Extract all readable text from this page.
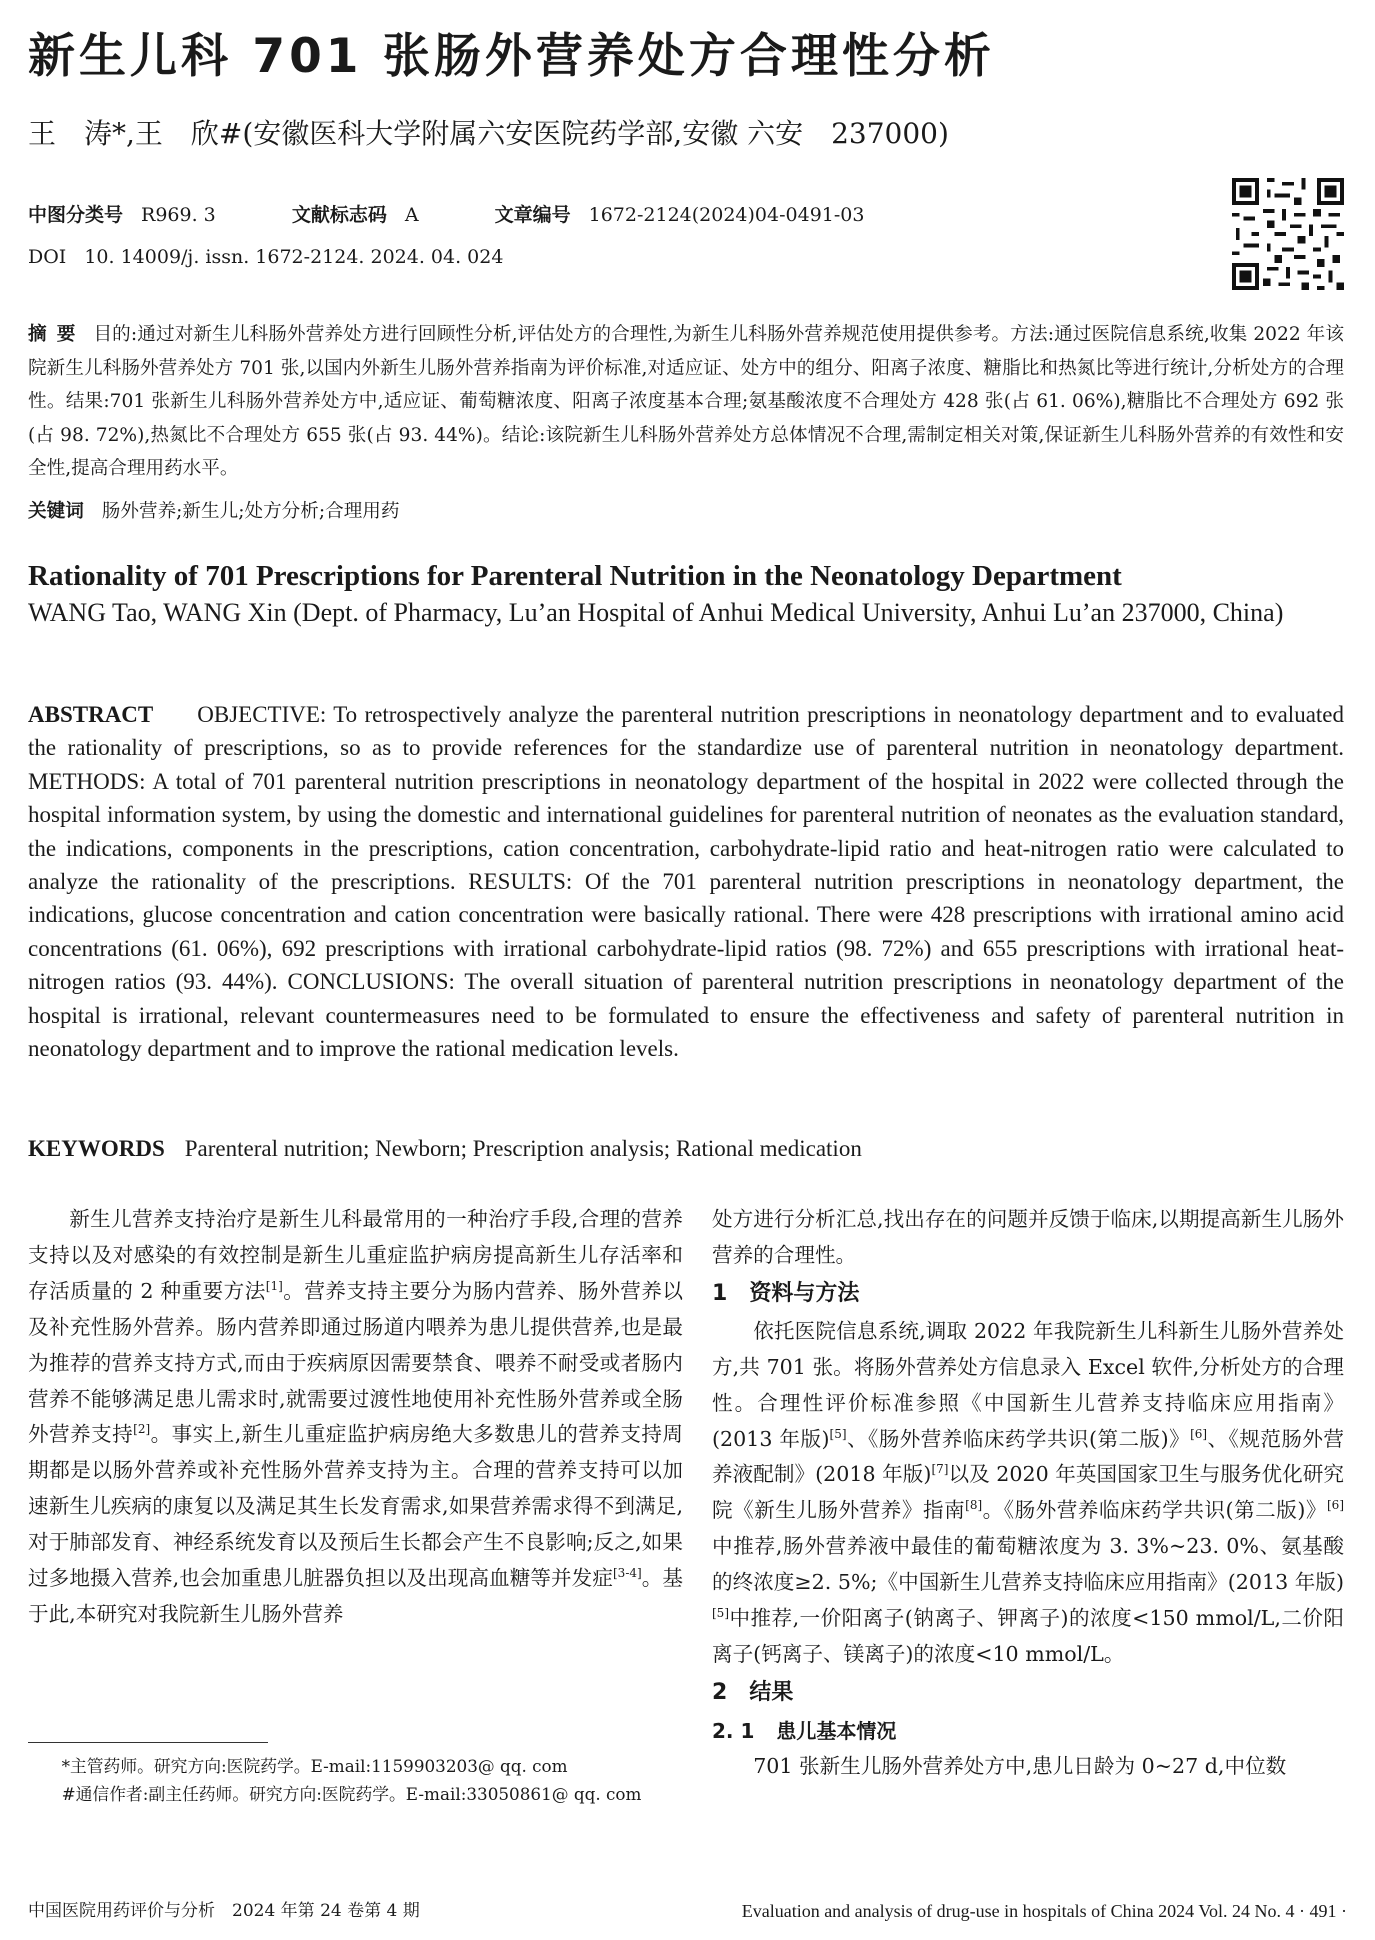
新生儿科 701 张肠外营养处方合理性分析
王　涛*,王　欣#(安徽医科大学附属六安医院药学部,安徽 六安　237000)
中图分类号 R969. 3	文献标志码 A	文章编号 1672-2124(2024)04-0491-03
DOI 10. 14009/j. issn. 1672-2124. 2024. 04. 024
摘要 目的:通过对新生儿科肠外营养处方进行回顾性分析,评估处方的合理性,为新生儿科肠外营养规范使用提供参考。方法:通过医院信息系统,收集 2022 年该院新生儿科肠外营养处方 701 张,以国内外新生儿肠外营养指南为评价标准,对适应证、处方中的组分、阳离子浓度、糖脂比和热氮比等进行统计,分析处方的合理性。结果:701 张新生儿科肠外营养处方中,适应证、葡萄糖浓度、阳离子浓度基本合理;氨基酸浓度不合理处方 428 张(占 61. 06%),糖脂比不合理处方 692 张(占 98. 72%),热氮比不合理处方 655 张(占 93. 44%)。结论:该院新生儿科肠外营养处方总体情况不合理,需制定相关对策,保证新生儿科肠外营养的有效性和安全性,提高合理用药水平。
关键词 肠外营养;新生儿;处方分析;合理用药
Rationality of 701 Prescriptions for Parenteral Nutrition in the Neonatology Department
WANG Tao, WANG Xin (Dept. of Pharmacy, Lu’an Hospital of Anhui Medical University, Anhui Lu’an 237000, China)
ABSTRACT OBJECTIVE: To retrospectively analyze the parenteral nutrition prescriptions in neonatology department and to evaluated the rationality of prescriptions, so as to provide references for the standardize use of parenteral nutrition in neonatology department. METHODS: A total of 701 parenteral nutrition prescriptions in neonatology department of the hospital in 2022 were collected through the hospital information system, by using the domestic and international guidelines for parenteral nutrition of neonates as the evaluation standard, the indications, components in the prescriptions, cation concentration, carbohydrate-lipid ratio and heat-nitrogen ratio were calculated to analyze the rationality of the prescriptions. RESULTS: Of the 701 parenteral nutrition prescriptions in neonatology department, the indications, glucose concentration and cation concentration were basically rational. There were 428 prescriptions with irrational amino acid concentrations (61. 06%), 692 prescriptions with irrational carbohydrate-lipid ratios (98. 72%) and 655 prescriptions with irrational heat-nitrogen ratios (93. 44%). CONCLUSIONS: The overall situation of parenteral nutrition prescriptions in neonatology department of the hospital is irrational, relevant countermeasures need to be formulated to ensure the effectiveness and safety of parenteral nutrition in neonatology department and to improve the rational medication levels.
KEYWORDS Parenteral nutrition; Newborn; Prescription analysis; Rational medication

新生儿营养支持治疗是新生儿科最常用的一种治疗手段,合理的营养支持以及对感染的有效控制是新生儿重症监护病房提高新生儿存活率和存活质量的 2 种重要方法[1]。营养支持主要分为肠内营养、肠外营养以及补充性肠外营养。肠内营养即通过肠道内喂养为患儿提供营养,也是最为推荐的营养支持方式,而由于疾病原因需要禁食、喂养不耐受或者肠内营养不能够满足患儿需求时,就需要过渡性地使用补充性肠外营养或全肠外营养支持[2]。事实上,新生儿重症监护病房绝大多数患儿的营养支持周期都是以肠外营养或补充性肠外营养支持为主。合理的营养支持可以加速新生儿疾病的康复以及满足其生长发育需求,如果营养需求得不到满足,对于肺部发育、神经系统发育以及预后生长都会产生不良影响;反之,如果过多地摄入营养,也会加重患儿脏器负担以及出现高血糖等并发症[3-4]。基于此,本研究对我院新生儿肠外营养

*主管药师。研究方向:医院药学。E-mail:1159903203@ qq. com

#通信作者:副主任药师。研究方向:医院药学。E-mail:33050861@ qq. com

处方进行分析汇总,找出存在的问题并反馈于临床,以期提高新生儿肠外营养的合理性。

1 资料与方法

依托医院信息系统,调取 2022 年我院新生儿科新生儿肠外营养处方,共 701 张。将肠外营养处方信息录入 Excel 软件,分析处方的合理性。合理性评价标准参照《中国新生儿营养支持临床应用指南》(2013 年版)[5]、《肠外营养临床药学共识(第二版)》[6]、《规范肠外营养液配制》(2018 年版)[7]以及 2020 年英国国家卫生与服务优化研究院《新生儿肠外营养》指南[8]。《肠外营养临床药学共识(第二版)》[6]中推荐,肠外营养液中最佳的葡萄糖浓度为 3. 3%~23. 0%、氨基酸的终浓度≥2. 5%;《中国新生儿营养支持临床应用指南》(2013 年版)[5]中推荐,一价阳离子(钠离子、钾离子)的浓度<150 mmol/L,二价阳离子(钙离子、镁离子)的浓度<10 mmol/L。

2 结果
2. 1 患儿基本情况

701 张新生儿肠外营养处方中,患儿日龄为 0~27 d,中位数

中国医院用药评价与分析　2024 年第 24 卷第 4 期	Evaluation and analysis of drug-use in hospitals of China 2024 Vol. 24 No. 4 · 491 ·
